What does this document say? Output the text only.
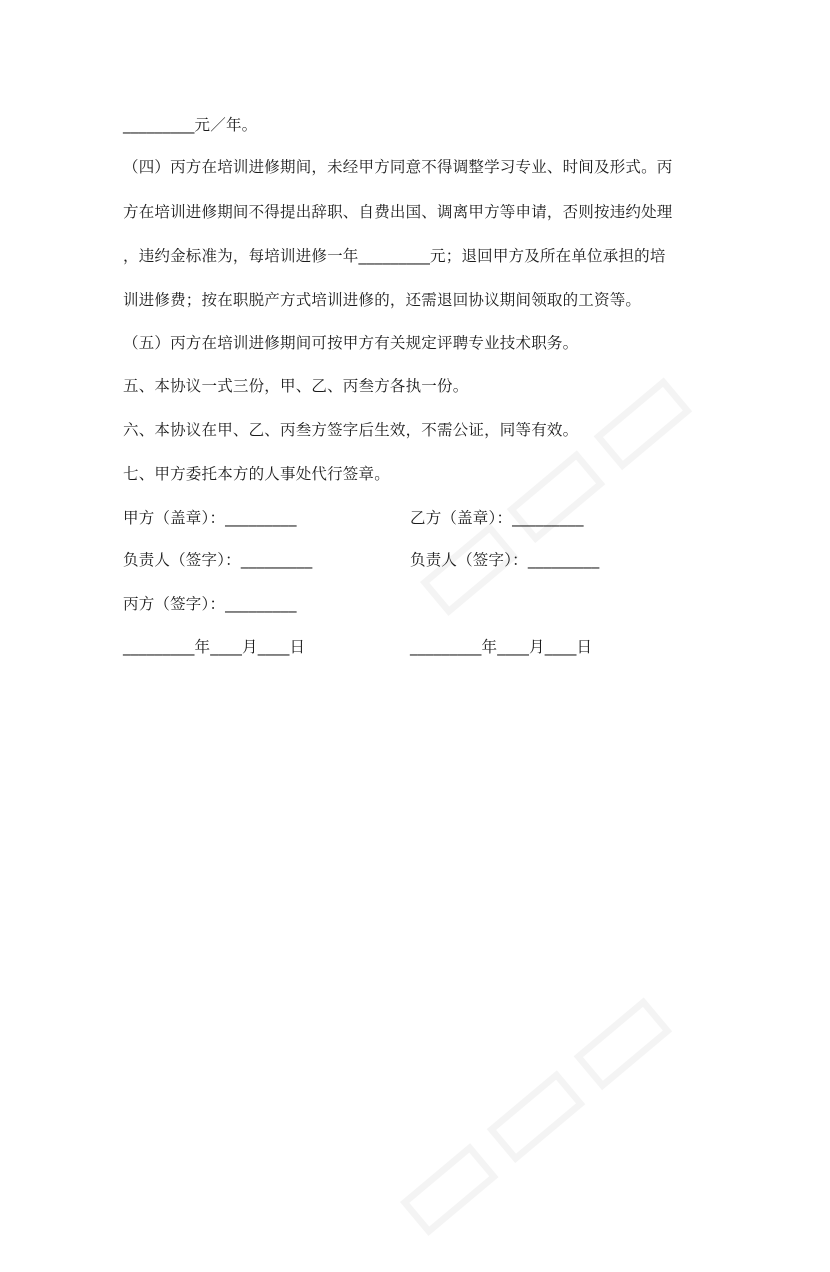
_________元／年。
（四）丙方在培训进修期间，未经甲方同意不得调整学习专业、时间及形式。丙
方在培训进修期间不得提出辞职、自费出国、调离甲方等申请，否则按违约处理
，违约金标准为，每培训进修一年_________元；退回甲方及所在单位承担的培
训进修费；按在职脱产方式培训进修的，还需退回协议期间领取的工资等。
（五）丙方在培训进修期间可按甲方有关规定评聘专业技术职务。
五、本协议一式三份，甲、乙、丙叁方各执一份。
六、本协议在甲、乙、丙叁方签字后生效，不需公证，同等有效。
七、甲方委托本方的人事处代行签章。
甲方（盖章）：_________	乙方（盖章）：_________
负责人（签字）：_________	负责人（签字）：_________
丙方（签字）：_________
_________年____月____日	_________年____月____日
